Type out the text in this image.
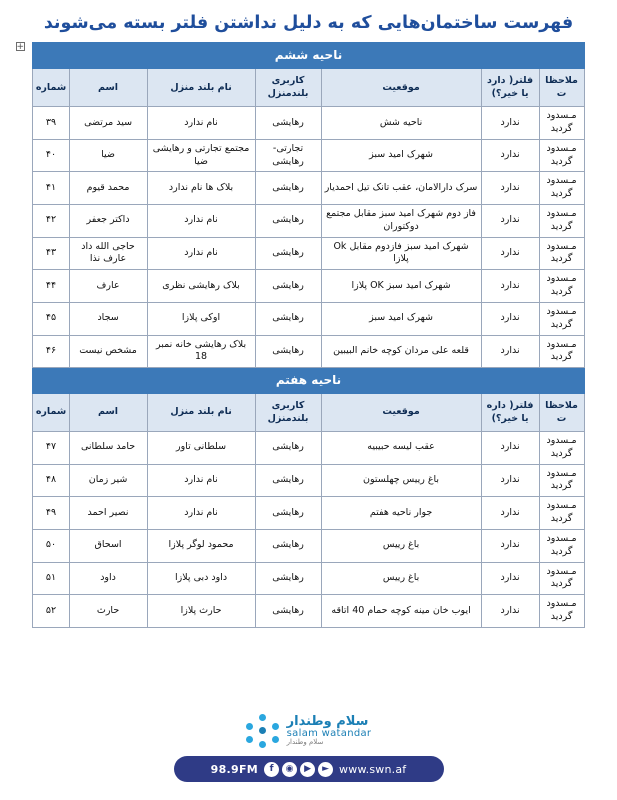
+
فهرست ساختمان‌هایی که به دلیل نداشتن فلتر بسته می‌شوند
ناحیه ششم						
ملاحظات	فلتر( دارد یا خیر؟)	موقعیت	کاربری بلندمنزل	نام بلند منزل	اسم	شماره
مـسدود گردید	ندارد	ناحیه شش	رهایشی	نام ندارد	سید مرتضی	۳۹
مـسدود گردید	ندارد	شهرک امید سبز	تجارتی-رهایشی	مجتمع تجارتی و رهایشی ضیا	ضیا	۴۰
مـسدود گردید	ندارد	سرک دارالامان، عقب تانک تیل احمدیار	رهایشی	بلاک ها نام ندارد	محمد قیوم	۴۱
مـسدود گردید	ندارد	فاز دوم شهرک امید سبز مقابل مجتمع دوکتوران	رهایشی	نام ندارد	داکتر جعفر	۴۲
مـسدود گردید	ندارد	شهرک امید سبز فازدوم مقابل Ok پلازا	رهایشی	نام ندارد	حاجی الله داد عارف نذا	۴۳
مـسدود گردید	ندارد	شهرک امید سبز OK پلازا	رهایشی	بلاک رهایشی نظری	عارف	۴۴
مـسدود گردید	ندارد	شهرک امید سبز	رهایشی	اوکی پلازا	سجاد	۴۵
مـسدود گردید	ندارد	قلعه علی مردان کوچه خانم البیبین	رهایشی	بلاک رهایشی خانه نمبر 18	مشخص نیست	۴۶
ناحیه هفتم						
ملاحظات	فلتر( داره یا خیر؟)	موقعیت	کاربری بلندمنزل	نام بلند منزل	اسم	شماره
مـسدود گردید	ندارد	عقب لیسه حبیبیه	رهایشی	سلطانی تاور	حامد سلطانی	۴۷
مـسدود گردید	ندارد	باغ رییس چهلستون	رهایشی	نام ندارد	شیر زمان	۴۸
مـسدود گردید	ندارد	جوار ناحیه هفتم	رهایشی	نام ندارد	نصیر احمد	۴۹
مـسدود گردید	ندارد	باغ رییس	رهایشی	محمود لوگر پلازا	اسحاق	۵۰
مـسدود گردید	ندارد	باغ رییس	رهایشی	داود دبی پلازا	داود	۵۱
مـسدود گردید	ندارد	ایوب خان مینه کوچه حمام 40 اتاقه	رهایشی	حارث پلازا	حارث	۵۲
سلام وطندار
salam watandar
سلام وطندار
98.9FM	f	◉	▶	► www.swn.af
